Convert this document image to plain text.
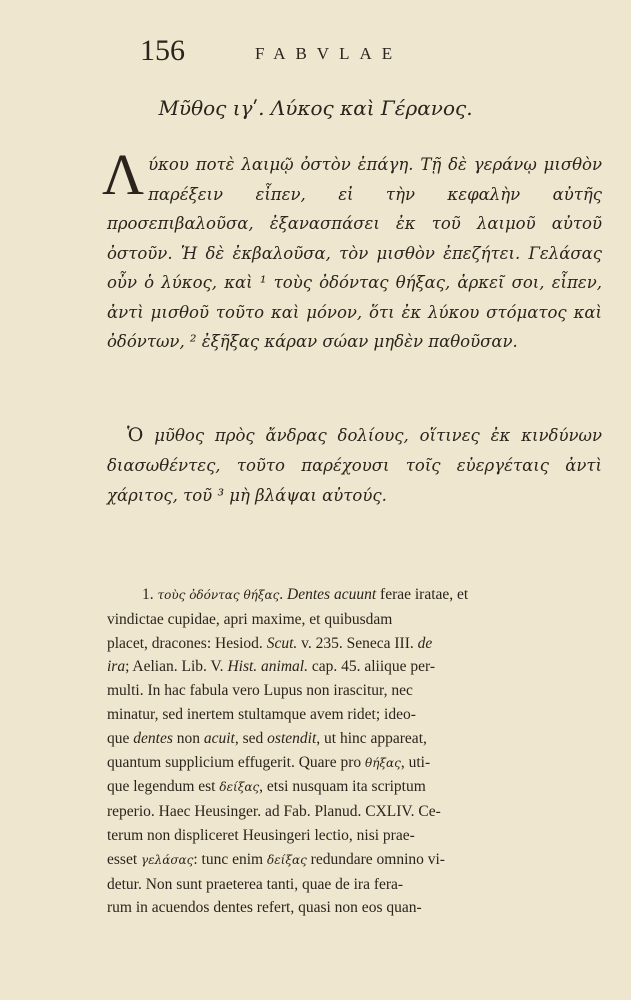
156	FABVLAE
Μῦθος ιγʹ. Λύκος καὶ Γέρανος.
Λύκου ποτὲ λαιμῷ ὀστὸν ἐπάγη. Τῇ δὲ γεράνῳ μισθὸν παρέξειν εἶπεν, εἰ τὴν κεφαλὴν αὐτῆς προσεπιβαλοῦσα, ἐξανασπάσει ἐκ τοῦ λαιμοῦ αὐτοῦ ὀστοῦν. Ἡ δὲ ἐκβαλοῦσα, τὸν μισθὸν ἐπεζήτει. Γελάσας οὖν ὁ λύκος, καὶ ¹ τοὺς ὀδόντας θήξας, ἀρκεῖ σοι, εἶπεν, ἀντὶ μισθοῦ τοῦτο καὶ μόνον, ὅτι ἐκ λύκου στόματος καὶ ὀδόντων, ² ἐξῆξας κάραν σώαν μηδὲν παθοῦσαν.
Ὁ μῦθος πρὸς ἄνδρας δολίους, οἵτινες ἐκ κινδύνων διασωθέντες, τοῦτο παρέχουσι τοῖς εὐεργέταις ἀντὶ χάριτος, τοῦ ³ μὴ βλάψαι αὐτούς.
1. τοὺς ὀδόντας θήξας. Dentes acuunt ferae iratae, et
vindictae cupidae, apri maxime, et quibusdam
placet, dracones: Hesiod. Scut. v. 235. Seneca III. de
ira; Aelian. Lib. V. Hist. animal. cap. 45. aliique per-
multi. In hac fabula vero Lupus non irascitur, nec
minatur, sed inertem stultamque avem ridet; ideo-
que dentes non acuit, sed ostendit, ut hinc appareat,
quantum supplicium effugerit. Quare pro θήξας, uti-
que legendum est δείξας, etsi nusquam ita scriptum
reperio. Haec Heusinger. ad Fab. Planud. CXLIV. Ce-
terum non displiceret Heusingeri lectio, nisi prae-
esset γελάσας: tunc enim δείξας redundare omnino vi-
detur. Non sunt praeterea tanti, quae de ira fera-
rum in acuendos dentes refert, quasi non eos quan-
